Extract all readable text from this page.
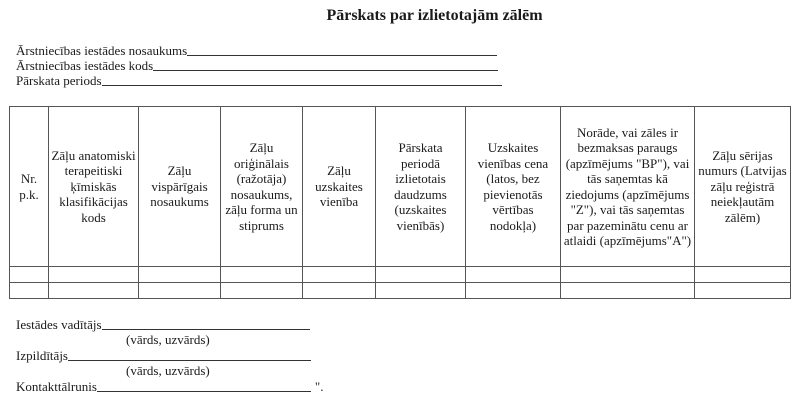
Pārskats par izlietotajām zālēm
Ārstniecības iestādes nosaukums
Ārstniecības iestādes kods
Pārskata periods
Nr. p.k.	Zāļu anatomiski terapeitiski ķīmiskās klasifikācijas kods	Zāļu vispārīgais nosaukums	Zāļu oriģinālais (ražotāja) nosaukums, zāļu forma un stiprums	Zāļu uzskaites vienība	Pārskata periodā izlietotais daudzums (uzskaites vienībās)	Uzskaites vienības cena (latos, bez pievienotās vērtības nodokļa)	Norāde, vai zāles ir bezmaksas paraugs (apzīmējums "BP"), vai tās saņemtas kā ziedojums (apzīmējums "Z"), vai tās saņemtas par pazeminātu cenu ar atlaidi (apzīmējums"A")	Zāļu sērijas numurs (Latvijas zāļu reģistrā neiekļautām zālēm)

Iestādes vadītājs
(vārds, uzvārds)
Izpildītājs
(vārds, uzvārds)
Kontakttālrunis	".
